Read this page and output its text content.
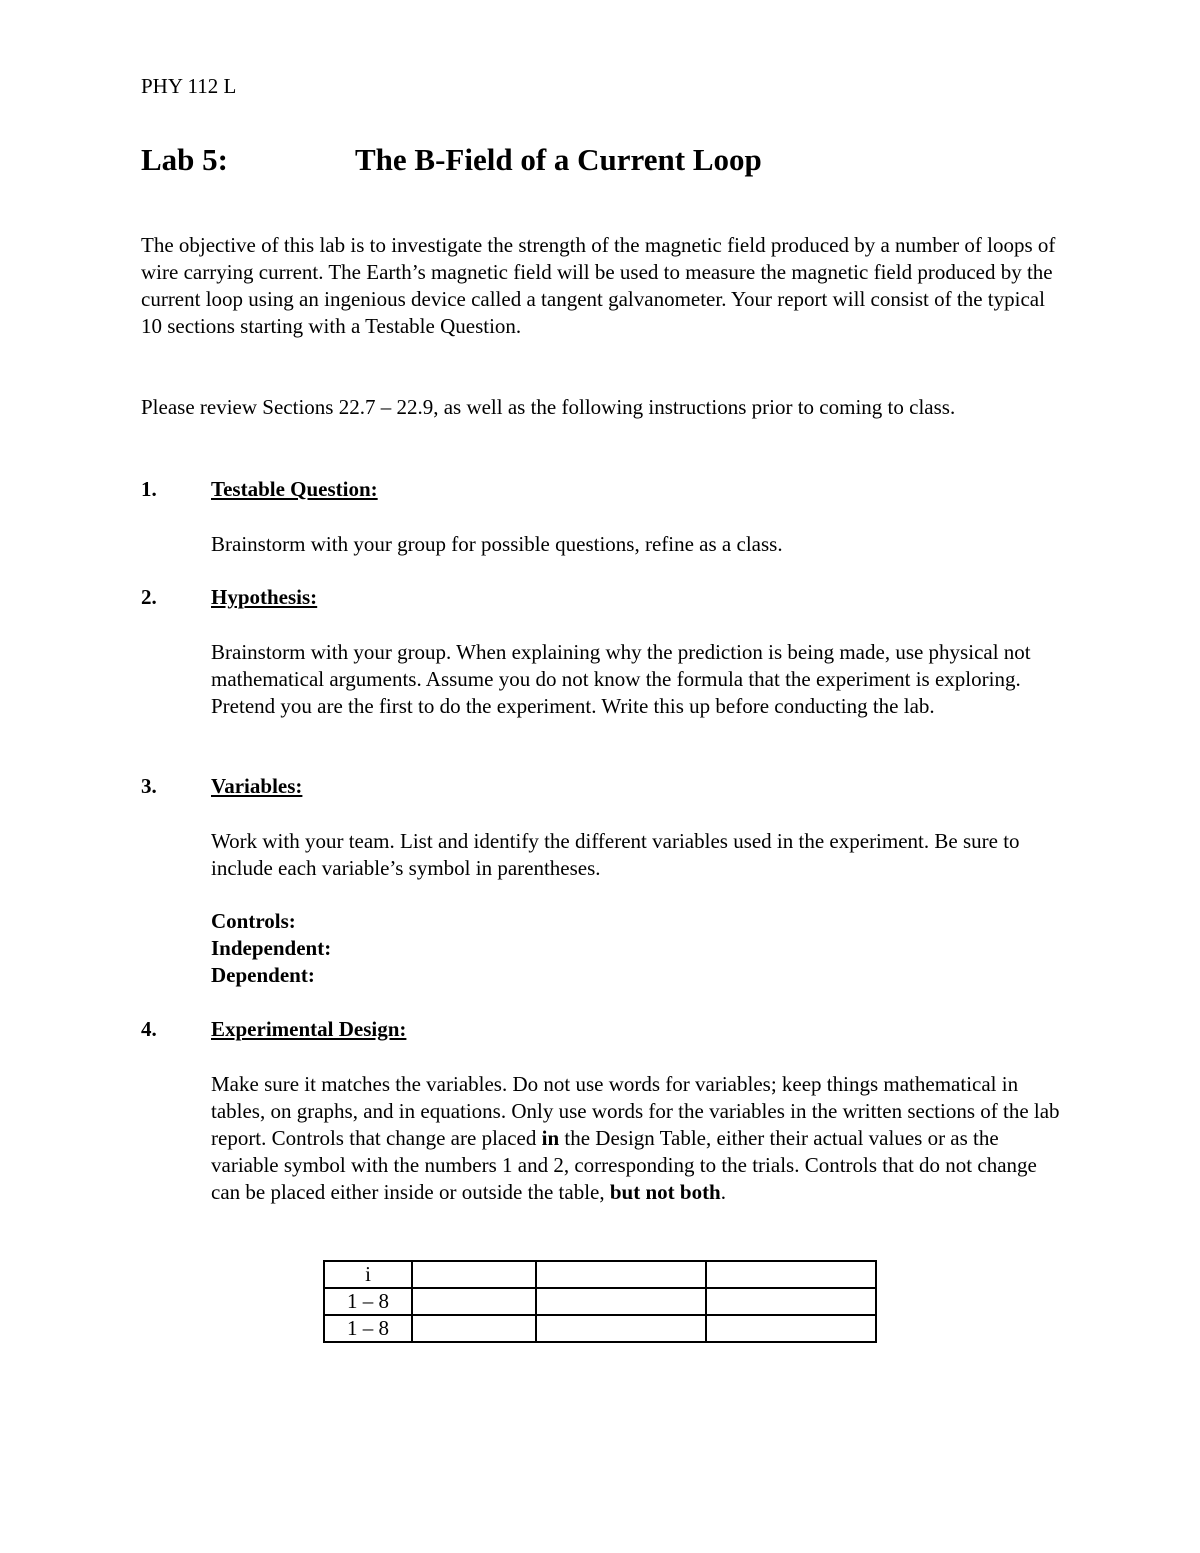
PHY 112 L
Lab 5:	The B-Field of a Current Loop
The objective of this lab is to investigate the strength of the magnetic field produced by a number of loops of wire carrying current. The Earth’s magnetic field will be used to measure the magnetic field produced by the current loop using an ingenious device called a tangent galvanometer. Your report will consist of the typical 10 sections starting with a Testable Question.
Please review Sections 22.7 – 22.9, as well as the following instructions prior to coming to class.
1.	Testable Question:
Brainstorm with your group for possible questions, refine as a class.
2.	Hypothesis:
Brainstorm with your group. When explaining why the prediction is being made, use physical not mathematical arguments. Assume you do not know the formula that the experiment is exploring. Pretend you are the first to do the experiment. Write this up before conducting the lab.
3.	Variables:
Work with your team. List and identify the different variables used in the experiment. Be sure to include each variable’s symbol in parentheses.
Controls:
Independent:
Dependent:
4.	Experimental Design:
Make sure it matches the variables. Do not use words for variables; keep things mathematical in tables, on graphs, and in equations. Only use words for the variables in the written sections of the lab report. Controls that change are placed in the Design Table, either their actual values or as the variable symbol with the numbers 1 and 2, corresponding to the trials. Controls that do not change can be placed either inside or outside the table, but not both.
i			
1 – 8			
1 – 8			
